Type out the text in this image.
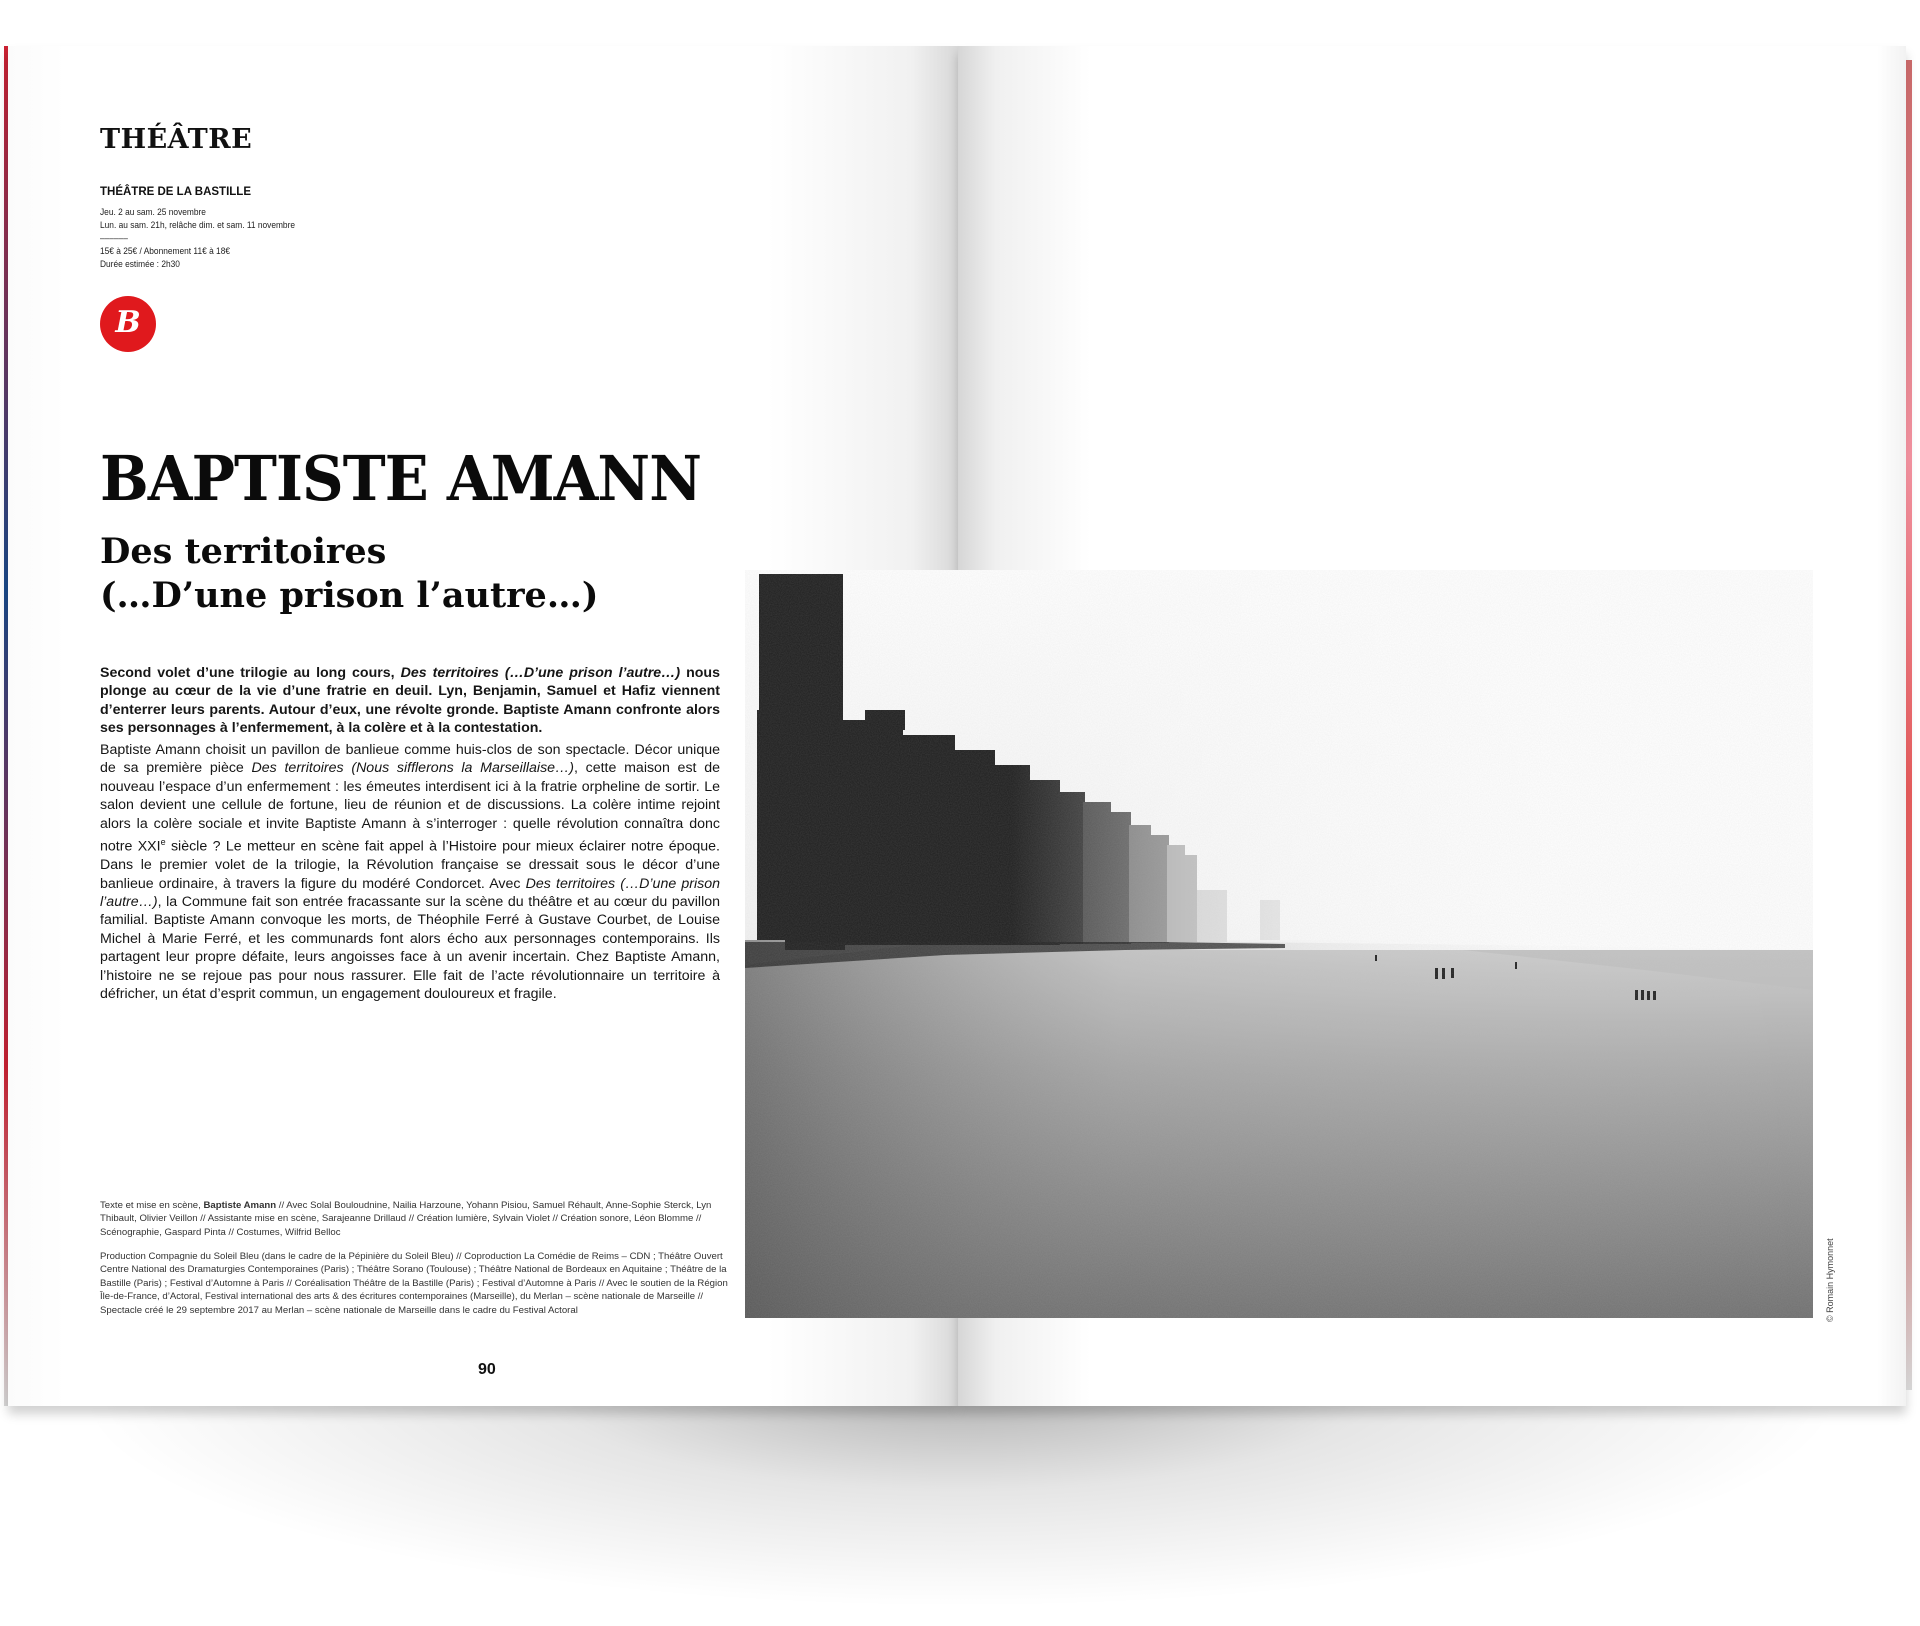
THÉÂTRE
THÉÂTRE DE LA BASTILLE
Jeu. 2 au sam. 25 novembre
Lun. au sam. 21h, relâche dim. et sam. 11 novembre
––––––
15€ à 25€ / Abonnement 11€ à 18€
Durée estimée : 2h30
B
BAPTISTE AMANN
Des territoires
(…D’une prison l’autre…)
Second volet d’une trilogie au long cours, Des territoires (…D’une prison l’autre…) nous plonge au cœur de la vie d’une fratrie en deuil. Lyn, Benjamin, Samuel et Hafiz viennent d’enterrer leurs parents. Autour d’eux, une révolte gronde. Baptiste Amann confronte alors ses personnages à l’enfermement, à la colère et à la contestation.
Baptiste Amann choisit un pavillon de banlieue comme huis-clos de son spectacle. Décor unique de sa première pièce Des territoires (Nous sifflerons la Marseillaise…), cette maison est de nouveau l’espace d’un enfermement : les émeutes interdisent ici à la fratrie orpheline de sortir. Le salon devient une cellule de fortune, lieu de réunion et de discussions. La colère intime rejoint alors la colère sociale et invite Baptiste Amann à s’interroger : quelle révolution connaîtra donc notre XXIe siècle ? Le metteur en scène fait appel à l’Histoire pour mieux éclairer notre époque. Dans le premier volet de la trilogie, la Révolution française se dressait sous le décor d’une banlieue ordinaire, à travers la figure du modéré Condorcet. Avec Des territoires (…D’une prison l’autre…), la Commune fait son entrée fracassante sur la scène du théâtre et au cœur du pavillon familial. Baptiste Amann convoque les morts, de Théophile Ferré à Gustave Courbet, de Louise Michel à Marie Ferré, et les communards font alors écho aux personnages contemporains. Ils partagent leur propre défaite, leurs angoisses face à un avenir incertain. Chez Baptiste Amann, l’histoire ne se rejoue pas pour nous rassurer. Elle fait de l’acte révolutionnaire un territoire à défricher, un état d’esprit commun, un engagement douloureux et fragile.
Texte et mise en scène, Baptiste Amann // Avec Solal Bouloudnine, Nailia Harzoune, Yohann Pisiou, Samuel Réhault, Anne-Sophie Sterck, Lyn Thibault, Olivier Veillon // Assistante mise en scène, Sarajeanne Drillaud // Création lumière, Sylvain Violet // Création sonore, Léon Blomme // Scénographie, Gaspard Pinta // Costumes, Wilfrid Belloc
Production Compagnie du Soleil Bleu (dans le cadre de la Pépinière du Soleil Bleu) // Coproduction La Comédie de Reims – CDN ; Théâtre Ouvert Centre National des Dramaturgies Contemporaines (Paris) ; Théâtre Sorano (Toulouse) ; Théâtre National de Bordeaux en Aquitaine ; Théâtre de la Bastille (Paris) ; Festival d’Automne à Paris // Coréalisation Théâtre de la Bastille (Paris) ; Festival d’Automne à Paris // Avec le soutien de la Région Île-de-France, d’Actoral, Festival international des arts & des écritures contemporaines (Marseille), du Merlan – scène nationale de Marseille // Spectacle créé le 29 septembre 2017 au Merlan – scène nationale de Marseille dans le cadre du Festival Actoral
90
© Romain Hymonnet
